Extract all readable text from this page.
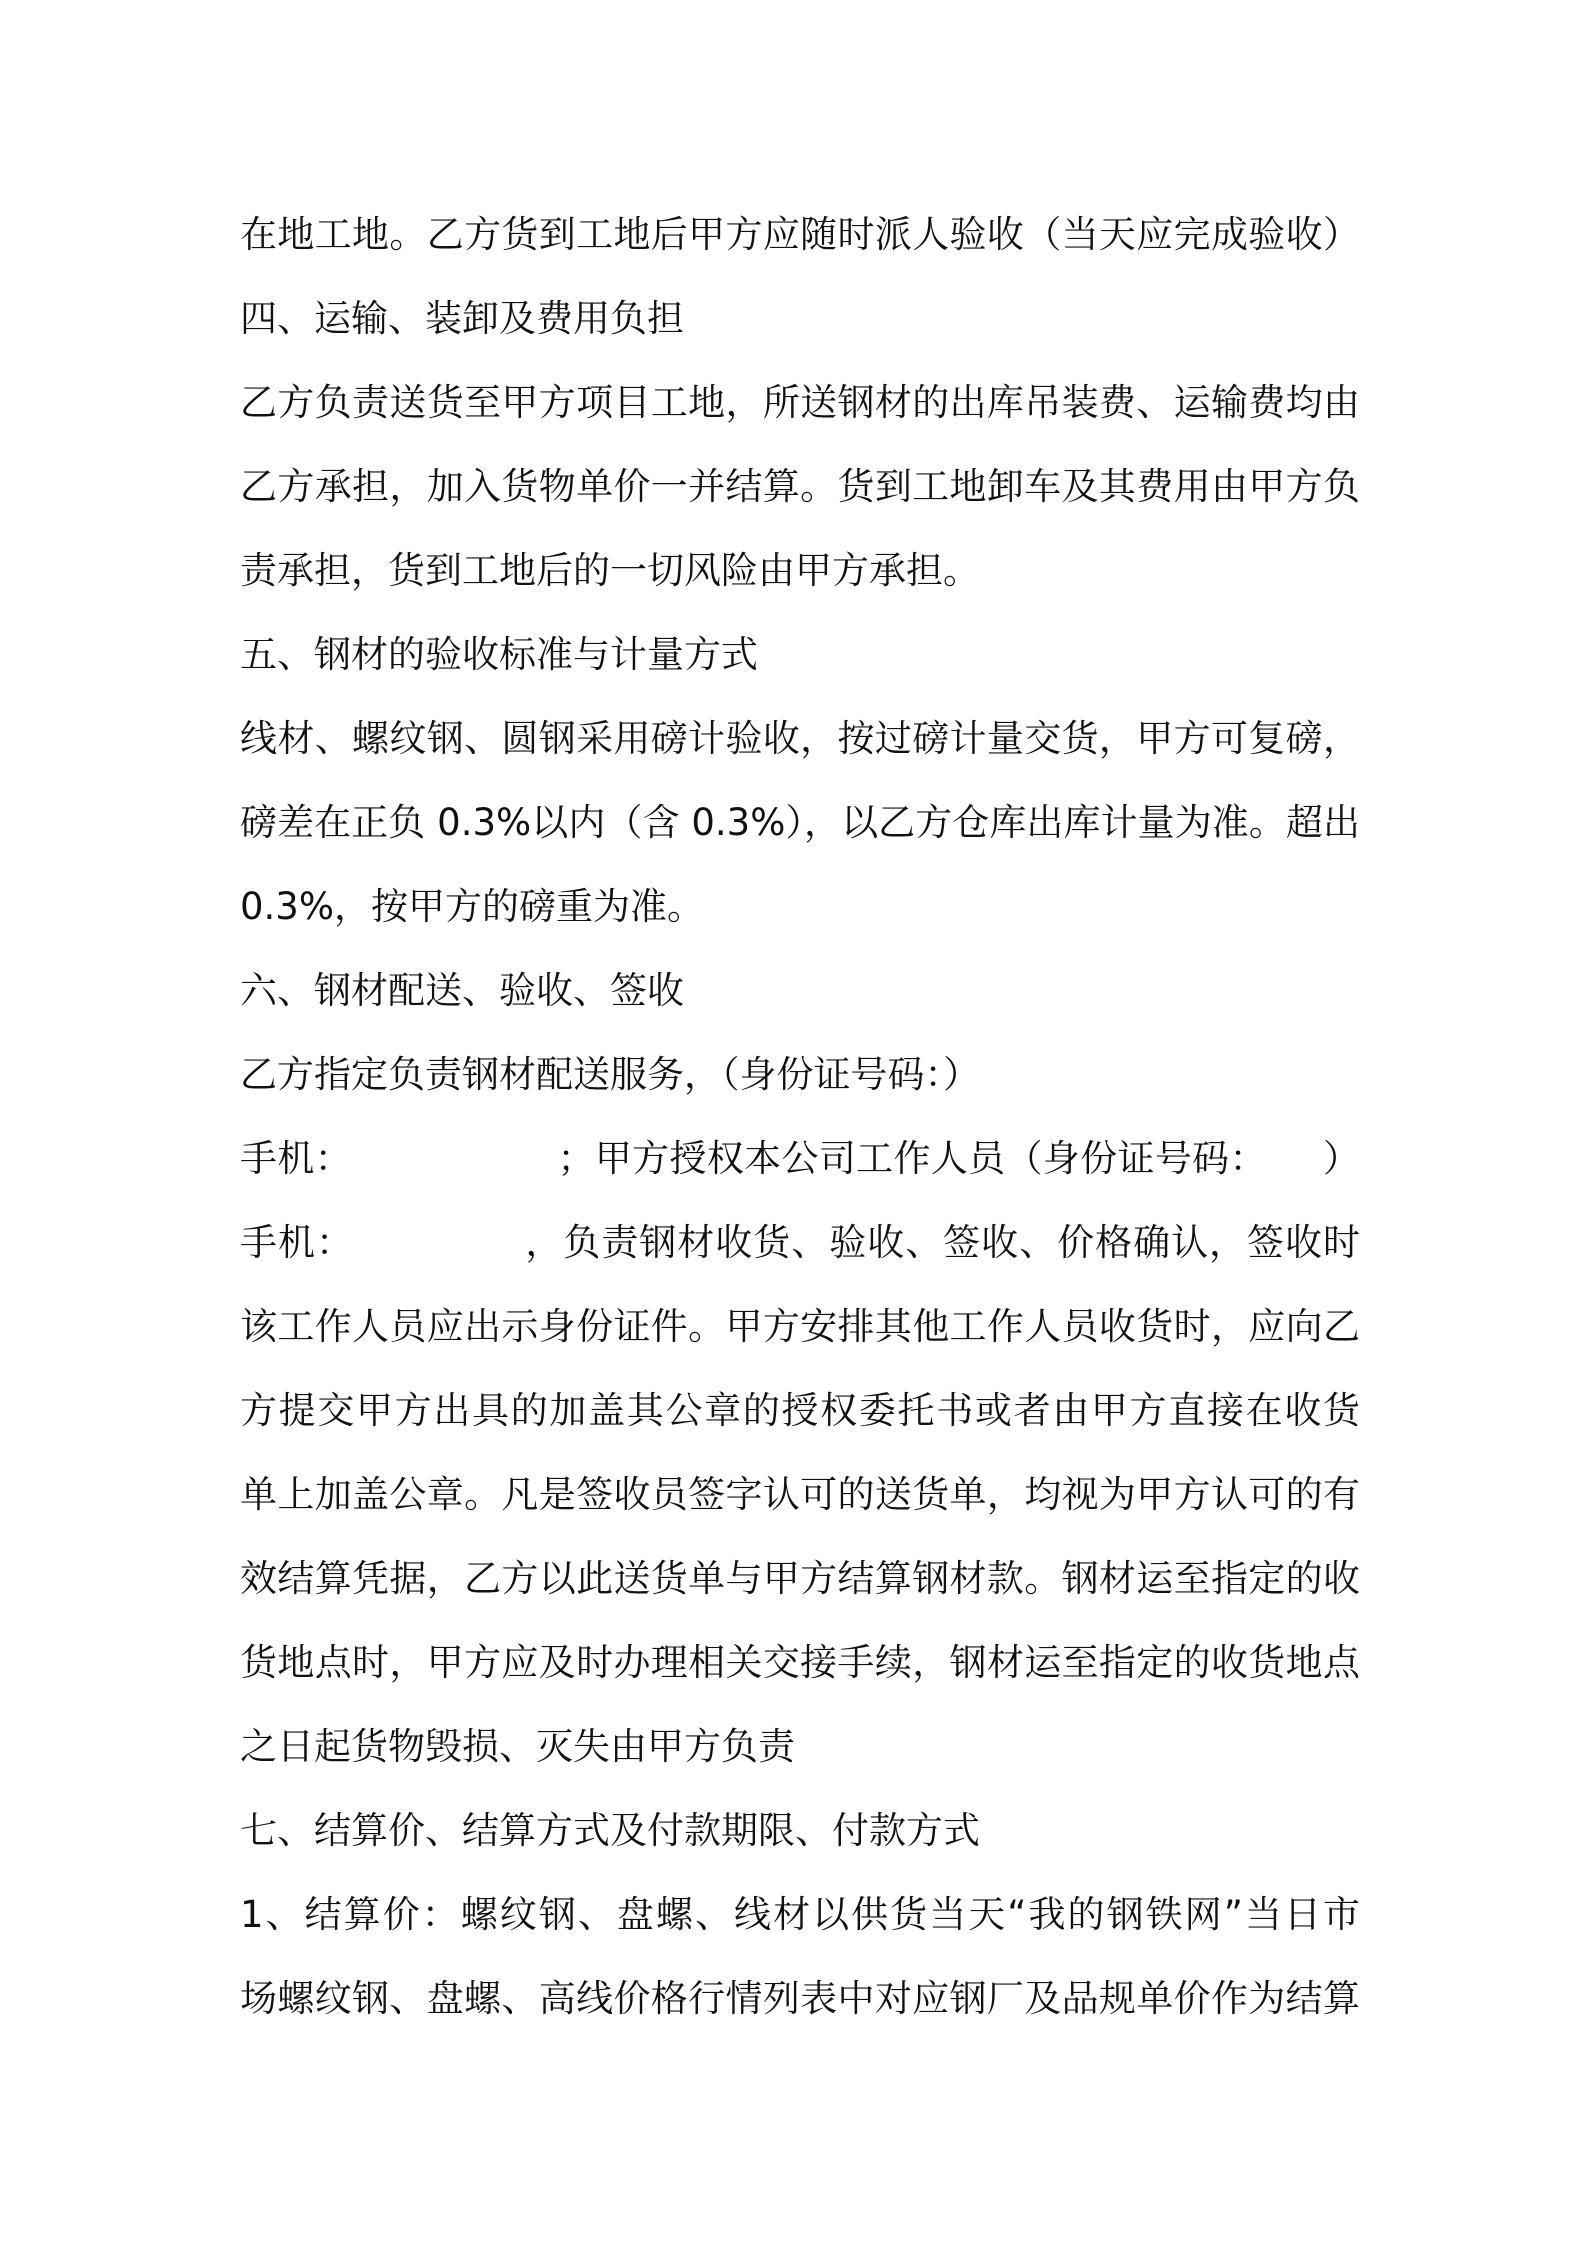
在地工地。乙方货到工地后甲方应随时派人验收（当天应完成验收）
四、运输、装卸及费用负担
乙方负责送货至甲方项目工地，所送钢材的出库吊装费、运输费均由
乙方承担，加入货物单价一并结算。货到工地卸车及其费用由甲方负
责承担，货到工地后的一切风险由甲方承担。
五、钢材的验收标准与计量方式
线材、螺纹钢、圆钢采用磅计验收，按过磅计量交货，甲方可复磅，
磅差在正负 0.3%以内（含 0.3%），以乙方仓库出库计量为准。超出
0.3%，按甲方的磅重为准。
六、钢材配送、验收、签收
乙方指定负责钢材配送服务，（身份证号码：）
手机：　　　　　　；甲方授权本公司工作人员（身份证号码：　　）
手机：　　　　　，负责钢材收货、验收、签收、价格确认，签收时
该工作人员应出示身份证件。甲方安排其他工作人员收货时，应向乙
方提交甲方出具的加盖其公章的授权委托书或者由甲方直接在收货
单上加盖公章。凡是签收员签字认可的送货单，均视为甲方认可的有
效结算凭据，乙方以此送货单与甲方结算钢材款。钢材运至指定的收
货地点时，甲方应及时办理相关交接手续，钢材运至指定的收货地点
之日起货物毁损、灭失由甲方负责
七、结算价、结算方式及付款期限、付款方式
1、结算价：螺纹钢、盘螺、线材以供货当天“我的钢铁网”当日市
场螺纹钢、盘螺、高线价格行情列表中对应钢厂及品规单价作为结算
